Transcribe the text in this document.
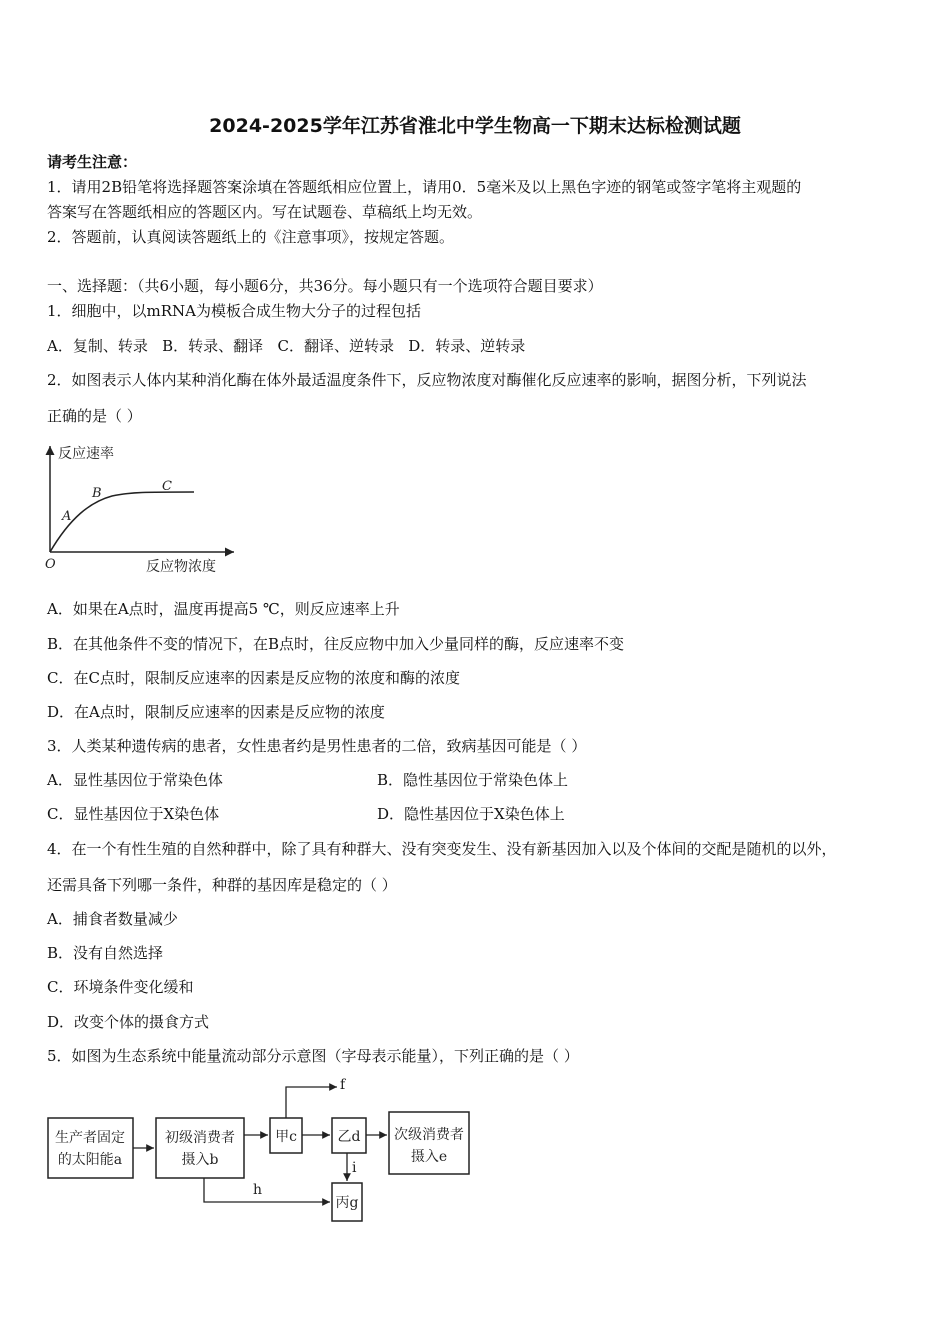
2024-2025学年江苏省淮北中学生物高一下期末达标检测试题
请考生注意：
1．请用2B铅笔将选择题答案涂填在答题纸相应位置上，请用0．5毫米及以上黑色字迹的钢笔或签字笔将主观题的
答案写在答题纸相应的答题区内。写在试题卷、草稿纸上均无效。
2．答题前，认真阅读答题纸上的《注意事项》，按规定答题。
一、选择题：（共6小题，每小题6分，共36分。每小题只有一个选项符合题目要求）
1．细胞中，以mRNA为模板合成生物大分子的过程包括
A．复制、转录   B．转录、翻译   C．翻译、逆转录   D．转录、逆转录
2．如图表示人体内某种消化酶在体外最适温度条件下，反应物浓度对酶催化反应速率的影响，据图分析，下列说法
正确的是（ ）
反应速率
反应物浓度
O
A
B	C
A．如果在A点时，温度再提高5 ℃，则反应速率上升
B．在其他条件不变的情况下，在B点时，往反应物中加入少量同样的酶，反应速率不变
C．在C点时，限制反应速率的因素是反应物的浓度和酶的浓度
D．在A点时，限制反应速率的因素是反应物的浓度
3．人类某种遗传病的患者，女性患者约是男性患者的二倍，致病基因可能是（ ）
A．显性基因位于常染色体	B．隐性基因位于常染色体上
C．显性基因位于X染色体	D．隐性基因位于X染色体上
4．在一个有性生殖的自然种群中，除了具有种群大、没有突变发生、没有新基因加入以及个体间的交配是随机的以外，
还需具备下列哪一条件，种群的基因库是稳定的（ ）
A．捕食者数量减少
B．没有自然选择
C．环境条件变化缓和
D．改变个体的摄食方式
5．如图为生态系统中能量流动部分示意图（字母表示能量），下列正确的是（ ）
生产者固定
的太阳能a
初级消费者
摄入b
甲c	乙d 次级消费者
摄入e
丙g
f
h
i
